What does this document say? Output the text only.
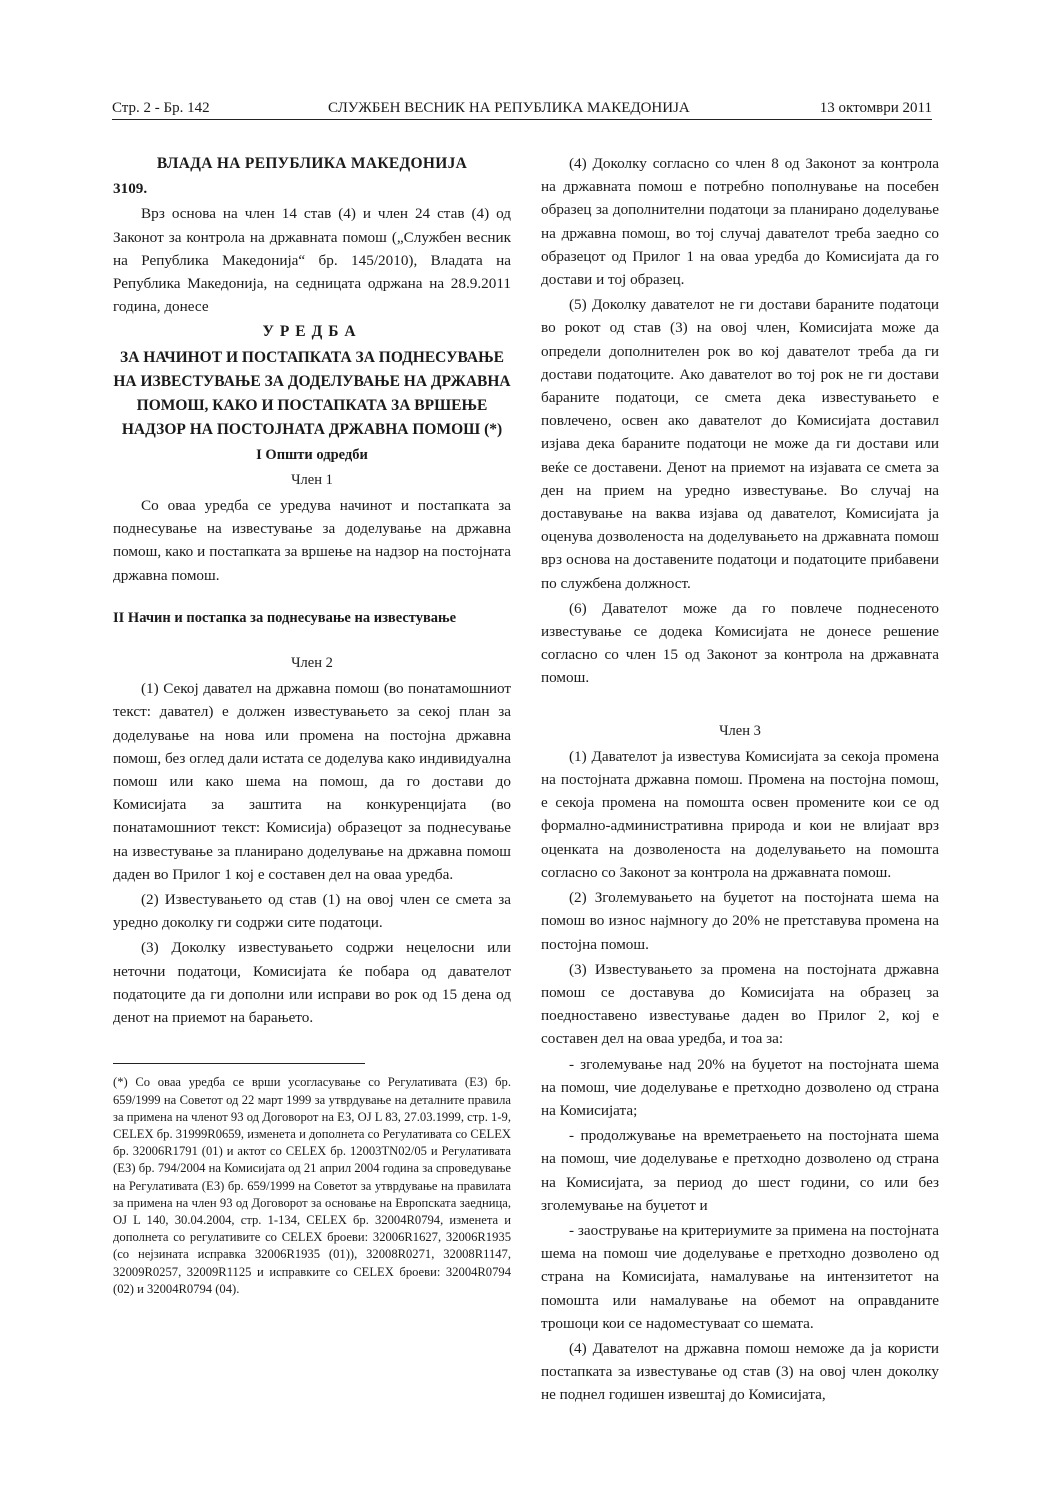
Стр. 2 - Бр. 142	СЛУЖБЕН ВЕСНИК НА РЕПУБЛИКА МАКЕДОНИЈА	13 октомври 2011

ВЛАДА НА РЕПУБЛИКА МАКЕДОНИЈА

3109.

Врз основа на член 14 став (4) и член 24 став (4) од Законот за контрола на државната помош („Службен весник на Република Македонија“ бр. 145/2010), Владата на Република Македонија, на седницата одржана на 28.9.2011 година, донесе

УРЕДБА

ЗА НАЧИНОТ И ПОСТАПКАТА ЗА ПОДНЕСУВАЊЕ НА ИЗВЕСТУВАЊЕ ЗА ДОДЕЛУВАЊЕ НА ДРЖАВНА ПОМОШ, КАКО И ПОСТАПКАТА ЗА ВРШЕЊЕ НАДЗОР НА ПОСТОЈНАТА ДРЖАВНА ПОМОШ (*)

I Општи одредби

Член 1

Со оваа уредба се уредува начинот и постапката за поднесување на известување за доделување на државна помош, како и постапката за вршење на надзор на постојната државна помош.

II Начин и постапка за поднесување на известување

Член 2

(1) Секој давател на државна помош (во понатамошниот текст: давател) е должен известувањето за секој план за доделување на нова или промена на постојна државна помош, без оглед дали истата се доделува како индивидуална помош или како шема на помош, да го достави до Комисијата за заштита на конкуренцијата (во понатамошниот текст: Комисија) образецот за поднесување на известување за планирано доделување на државна помош даден во Прилог 1 кој е составен дел на оваа уредба.

(2) Известувањето од став (1) на овој член се смета за уредно доколку ги содржи сите податоци.

(3) Доколку известувањето содржи нецелосни или неточни податоци, Комисијата ќе побара од давателот податоците да ги дополни или исправи во рок од 15 дена од денот на приемот на барањето.

(*) Со оваа уредба се врши усогласување со Регулативата (ЕЗ) бр. 659/1999 на Советот од 22 март 1999 за утврдување на деталните правила за примена на членот 93 од Договорот на ЕЗ, OJ L 83, 27.03.1999, стр. 1-9, CELEX бр. 31999R0659, изменета и дополнета со Регулативата со CELEX бр. 32006R1791 (01) и актот со CELEX бр. 12003TN02/05 и Регулативата (ЕЗ) бр. 794/2004 на Комисијата од 21 април 2004 година за спроведување на Регулативата (ЕЗ) бр. 659/1999 на Советот за утврдување на правилата за примена на член 93 од Договорот за основање на Европската заедница, OJ L 140, 30.04.2004, стр. 1-134, CELEX бр. 32004R0794, изменета и дополнета со регулативите со CELEX броеви: 32006R1627, 32006R1935 (со нејзината исправка 32006R1935 (01)), 32008R0271, 32008R1147, 32009R0257, 32009R1125 и исправките со CELEX броеви: 32004R0794 (02) и 32004R0794 (04).

(4) Доколку согласно со член 8 од Законот за контрола на државната помош е потребно пополнување на посебен образец за дополнителни податоци за планирано доделување на државна помош, во тој случај давателот треба заедно со образецот од Прилог 1 на оваа уредба до Комисијата да го достави и тој образец.

(5) Доколку давателот не ги достави бараните податоци во рокот од став (3) на овој член, Комисијата може да определи дополнителен рок во кој давателот треба да ги достави податоците. Ако давателот во тој рок не ги достави бараните податоци, се смета дека известувањето е повлечено, освен ако давателот до Комисијата доставил изјава дека бараните податоци не може да ги достави или веќе се доставени. Денот на приемот на изјавата се смета за ден на прием на уредно известување. Во случај на доставување на ваква изјава од давателот, Комисијата ја оценува дозволеноста на доделувањето на државната помош врз основа на доставените податоци и податоците прибавени по службена должност.

(6) Давателот може да го повлече поднесеното известување се додека Комисијата не донесе решение согласно со член 15 од Законот за контрола на државната помош.

Член 3

(1) Давателот ја известува Комисијата за секоја промена на постојната државна помош. Промена на постојна помош, е секоја промена на помошта освен промените кои се од формално-административна природа и кои не влијаат врз оценката на дозволеноста на доделувањето на помошта согласно со Законот за контрола на државната помош.

(2) Зголемувањето на буџетот на постојната шема на помош во износ најмногу до 20% не претставува промена на постојна помош.

(3) Известувањето за промена на постојната државна помош се доставува до Комисијата на образец за поедноставено известување даден во Прилог 2, кој е составен дел на оваа уредба, и тоа за:

- зголемување над 20% на буџетот на постојната шема на помош, чие доделување е претходно дозволено од страна на Комисијата;

- продолжување на времетраењето на постојната шема на помош, чие доделување е претходно дозволено од страна на Комисијата, за период до шест години, со или без зголемување на буџетот и

- заострување на критериумите за примена на постојната шема на помош чие доделување е претходно дозволено од страна на Комисијата, намалување на интензитетот на помошта или намалување на обемот на оправданите трошоци кои се надоместуваат со шемата.

(4) Давателот на државна помош неможе да ја користи постапката за известување од став (3) на овој член доколку не поднел годишен извештај до Комисијата,
